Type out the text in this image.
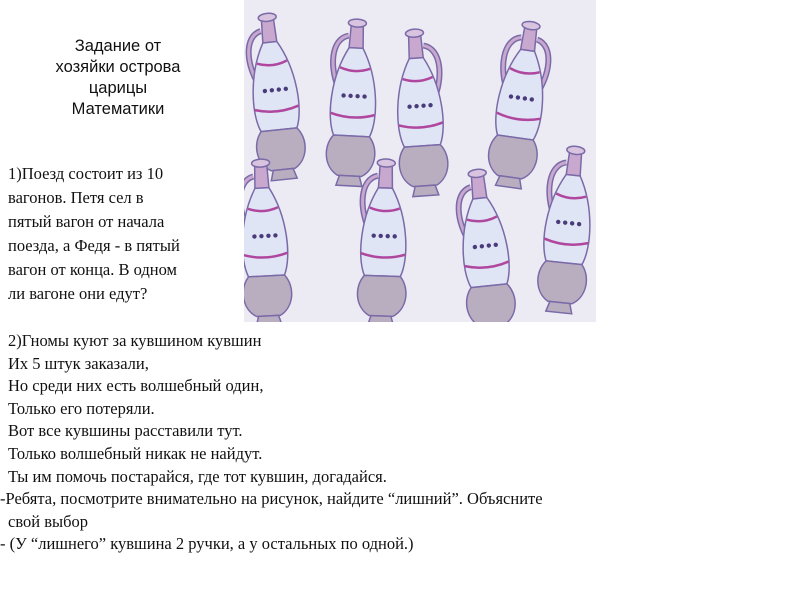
Задание от
хозяйки острова
царицы
Математики
1)Поезд состоит из 10
вагонов. Петя сел в
пятый вагон от начала
поезда, а Федя - в пятый
вагон от конца. В одном
ли вагоне они едут?
2)Гномы куют за кувшином кувшин
Их 5 штук заказали,
Но среди них есть волшебный один,
Только его потеряли.
Вот все кувшины расставили тут.
Только волшебный никак не найдут.
Ты им помочь постарайся, где тот кувшин, догадайся.
-Ребята, посмотрите внимательно на рисунок, найдите “лишний”. Объясните
свой выбор
- (У “лишнего” кувшина 2 ручки, а у остальных по одной.)
